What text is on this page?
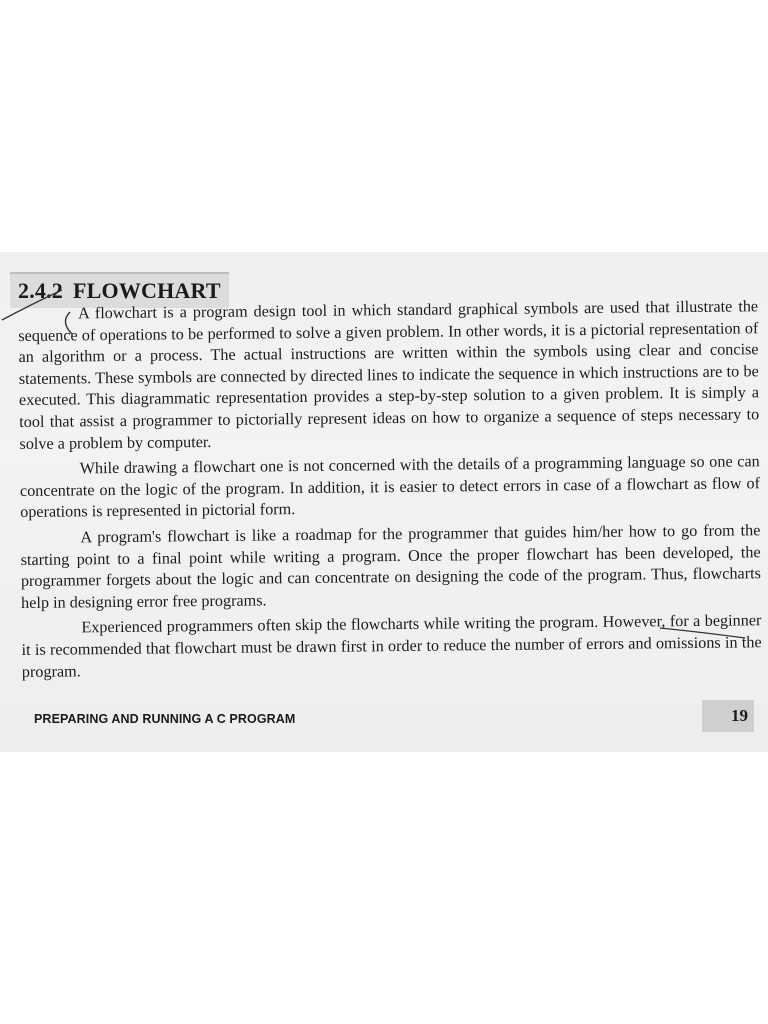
2.4.2 FLOWCHART

A flowchart is a program design tool in which standard graphical symbols are used that illustrate the sequence of operations to be performed to solve a given problem. In other words, it is a pictorial representation of an algorithm or a process. The actual instructions are written within the symbols using clear and concise statements. These symbols are connected by directed lines to indicate the sequence in which instructions are to be executed. This diagrammatic representation provides a step-by-step solution to a given problem. It is simply a tool that assist a programmer to pictorially represent ideas on how to organize a sequence of steps necessary to solve a problem by computer.

While drawing a flowchart one is not concerned with the details of a programming language so one can concentrate on the logic of the program. In addition, it is easier to detect errors in case of a flowchart as flow of operations is represented in pictorial form.

A program's flowchart is like a roadmap for the programmer that guides him/her how to go from the starting point to a final point while writing a program. Once the proper flowchart has been developed, the programmer forgets about the logic and can concentrate on designing the code of the program. Thus, flowcharts help in designing error free programs.

Experienced programmers often skip the flowcharts while writing the program. However, for a beginner it is recommended that flowchart must be drawn first in order to reduce the number of errors and omissions in the program.

PREPARING AND RUNNING A C PROGRAM	19
